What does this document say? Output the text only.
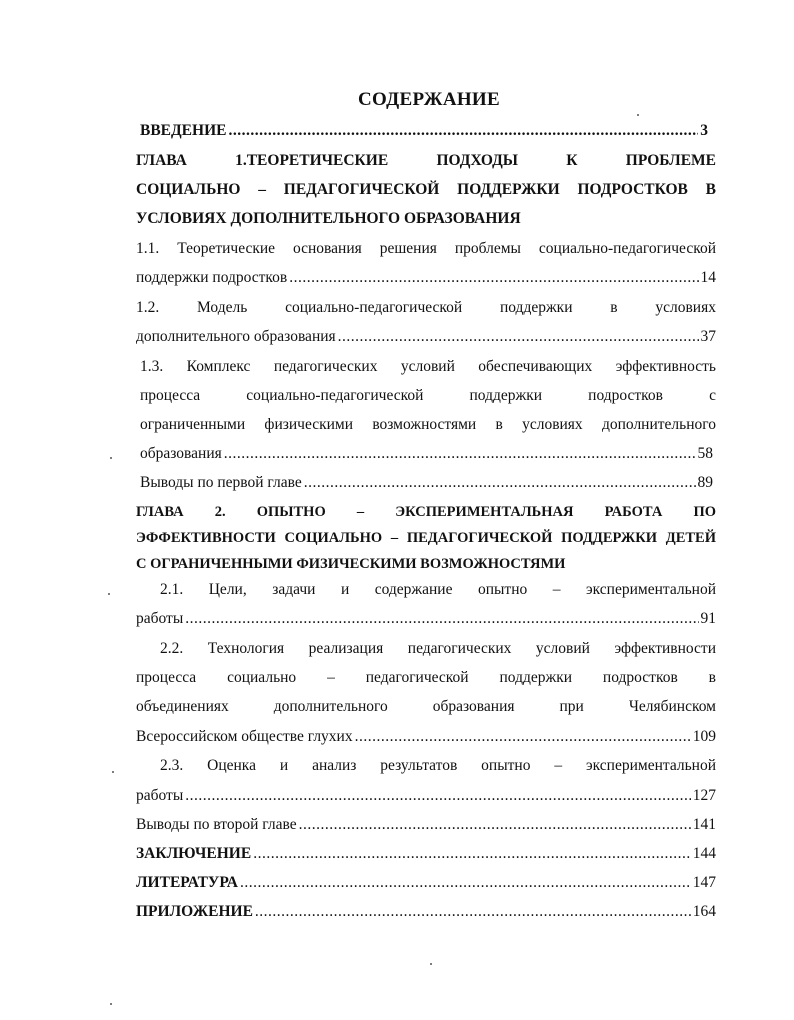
СОДЕРЖАНИЕ
ВВЕДЕНИЕ .....	3
ГЛАВА 1.ТЕОРЕТИЧЕСКИЕ ПОДХОДЫ К ПРОБЛЕМЕ
СОЦИАЛЬНО – ПЕДАГОГИЧЕСКОЙ ПОДДЕРЖКИ ПОДРОСТКОВ В
УСЛОВИЯХ ДОПОЛНИТЕЛЬНОГО ОБРАЗОВАНИЯ
1.1. Теоретические основания решения проблемы социально-педагогической
поддержки подростков .....	14
1.2. Модель социально-педагогической поддержки в условиях
дополнительного образования .....	37
1.3. Комплекс педагогических условий обеспечивающих эффективность
процесса социально-педагогической поддержки подростков с
ограниченными физическими возможностями в условиях дополнительного
образования .....	58
Выводы по первой главе .....	89
ГЛАВА 2. ОПЫТНО – ЭКСПЕРИМЕНТАЛЬНАЯ РАБОТА ПО
ЭФФЕКТИВНОСТИ СОЦИАЛЬНО – ПЕДАГОГИЧЕСКОЙ ПОДДЕРЖКИ ДЕТЕЙ
С ОГРАНИЧЕННЫМИ ФИЗИЧЕСКИМИ ВОЗМОЖНОСТЯМИ
2.1. Цели, задачи и содержание опытно – экспериментальной
работы .....	91
2.2. Технология реализация педагогических условий эффективности
процесса социально – педагогической поддержки подростков в
объединениях дополнительного образования при Челябинском
Всероссийском обществе глухих .....	109
2.3. Оценка и анализ результатов опытно – экспериментальной
работы .....	127
Выводы по второй главе .....	141
ЗАКЛЮЧЕНИЕ .....	144
ЛИТЕРАТУРА .....	147
ПРИЛОЖЕНИЕ .....	164
